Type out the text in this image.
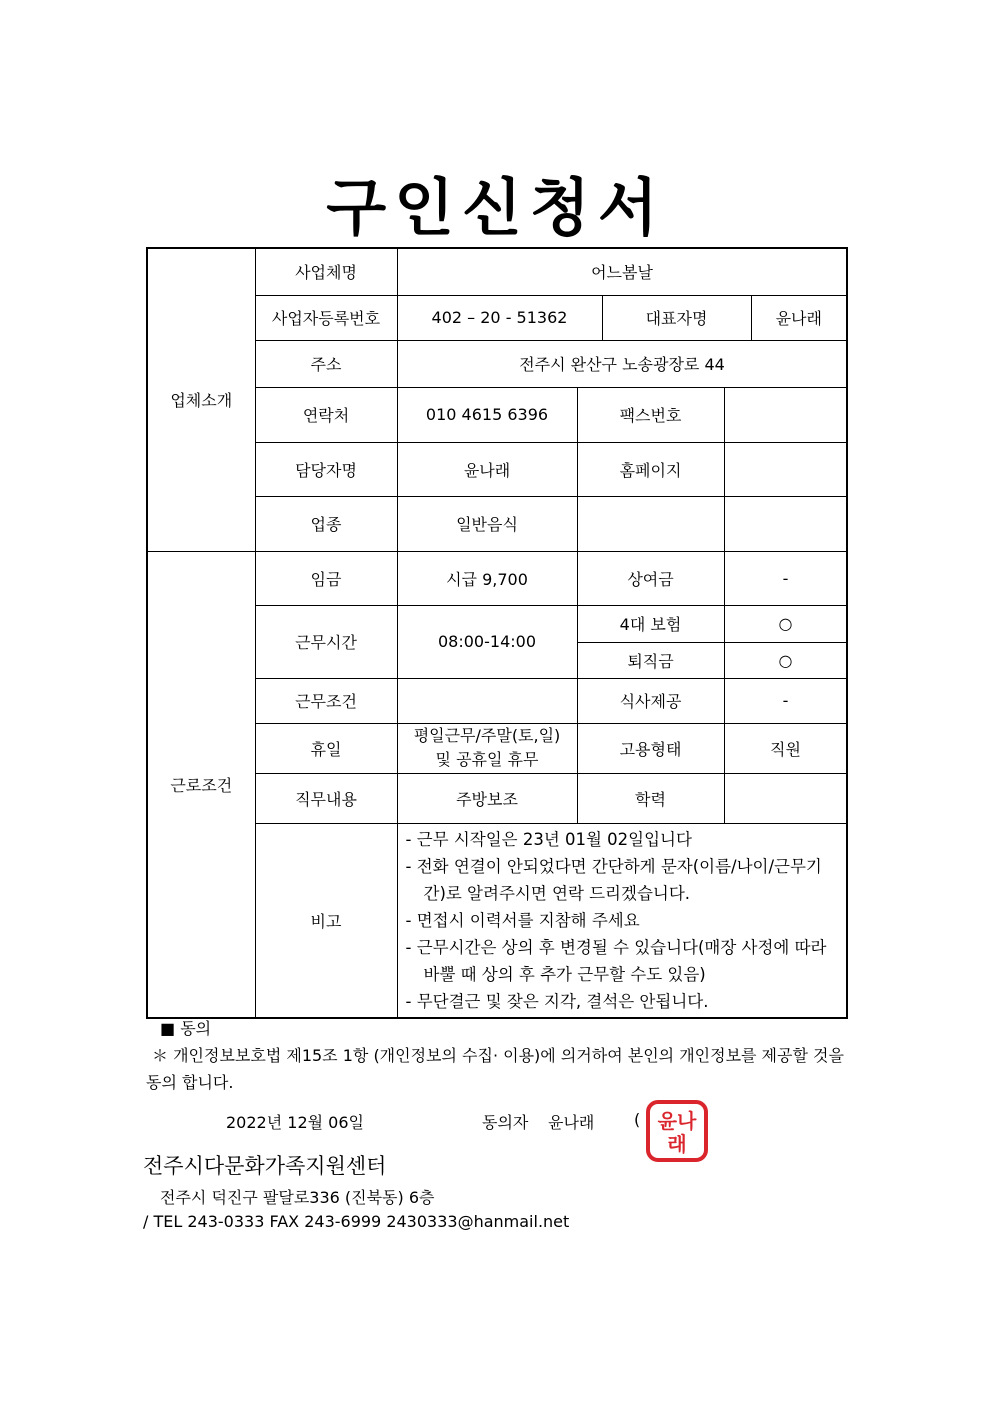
구인신청서
업체소개	사업체명	어느봄날				
	사업자등록번호	402 – 20 - 51362		대표자명		윤나래
	주소	전주시 완산구 노송광장로 44				
	연락처	010 4615 6396	팩스번호			
	담당자명	윤나래	홈페이지			
	업종	일반음식				
근로조건	임금	시급 9,700	상여금		-	
	근무시간	08:00-14:00	4대 보험		○	
			퇴직금		○	
	근무조건		식사제공		-	
	휴일	평일근무/주말(토,일)
및 공휴일 휴무	고용형태		직원	
	직무내용	주방보조	학력			
	비고	- 근무 시작일은 23년 01월 02일입니다
- 전화 연결이 안되었다면 간단하게 문자(이름/나이/근무기간)로 알려주시면 연락 드리겠습니다.
- 면접시 이력서를 지참해 주세요
- 근무시간은 상의 후 변경될 수 있습니다(매장 사정에 따라 바뿔 때 상의 후 추가 근무할 수도 있음)
- 무단결근 및 잦은 지각, 결석은 안됩니다.				
■ 동의
＊ 개인정보보호법 제15조 1항 (개인정보의 수집· 이용)에 의거하여 본인의 개인정보를 제공할 것을 동의 합니다.
2022년 12월 06일	동의자 윤나래 ( 윤나
래
전주시다문화가족지원센터
전주시 덕진구 팔달로336 (진북동) 6층
/ TEL 243-0333 FAX 243-6999 2430333@hanmail.net
